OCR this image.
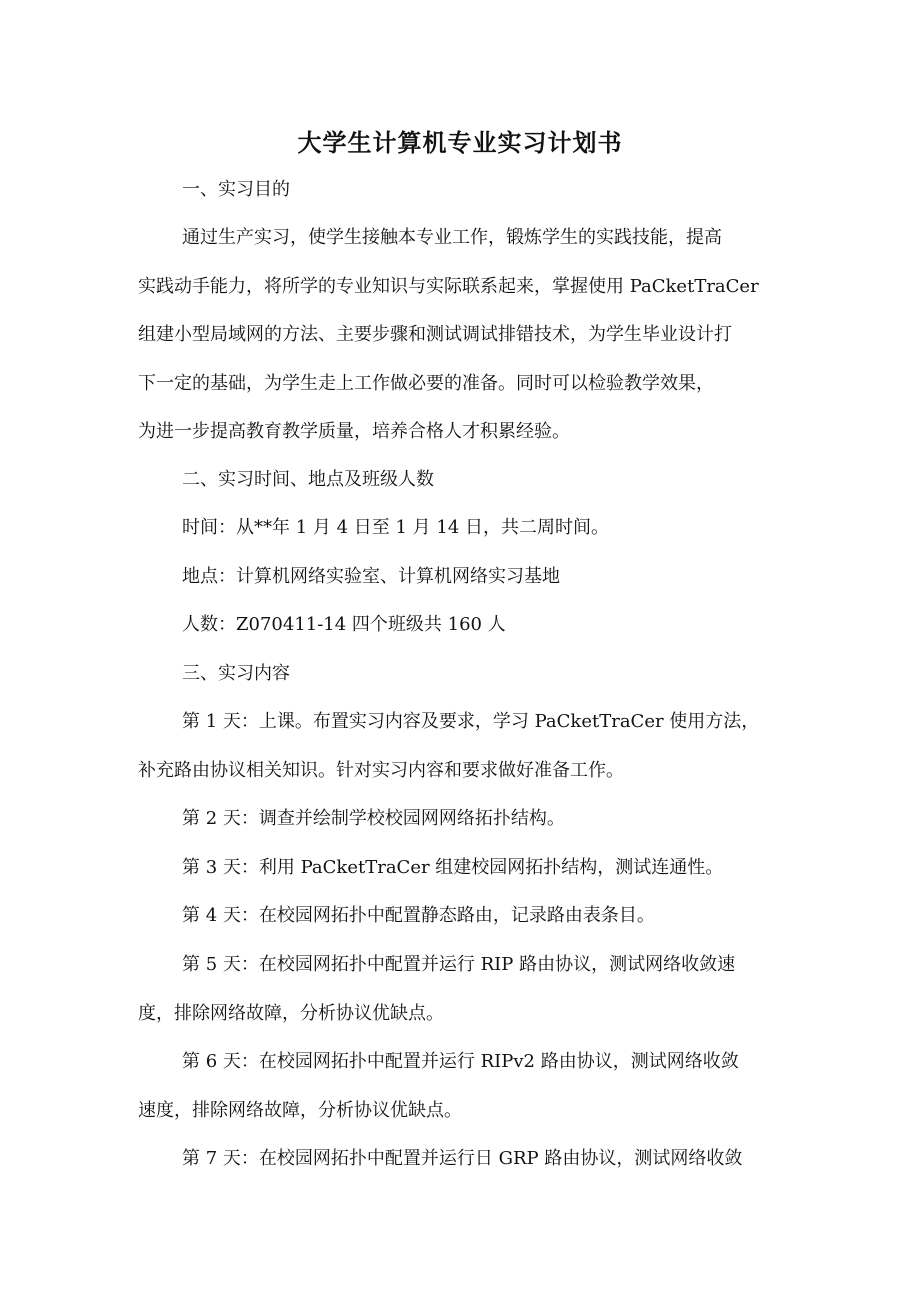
大学生计算机专业实习计划书
一、实习目的
通过生产实习，使学生接触本专业工作，锻炼学生的实践技能，提高
实践动手能力，将所学的专业知识与实际联系起来，掌握使用 PaCketTraCer
组建小型局域网的方法、主要步骤和测试调试排错技术，为学生毕业设计打
下一定的基础，为学生走上工作做必要的准备。同时可以检验教学效果，
为进一步提高教育教学质量，培养合格人才积累经验。
二、实习时间、地点及班级人数
时间：从**年 1 月 4 日至 1 月 14 日，共二周时间。
地点：计算机网络实验室、计算机网络实习基地
人数：Z070411-14 四个班级共 160 人
三、实习内容
第 1 天：上课。布置实习内容及要求，学习 PaCketTraCer 使用方法，
补充路由协议相关知识。针对实习内容和要求做好准备工作。
第 2 天：调查并绘制学校校园网网络拓扑结构。
第 3 天：利用 PaCketTraCer 组建校园网拓扑结构，测试连通性。
第 4 天：在校园网拓扑中配置静态路由，记录路由表条目。
第 5 天：在校园网拓扑中配置并运行 RIP 路由协议，测试网络收敛速
度，排除网络故障，分析协议优缺点。
第 6 天：在校园网拓扑中配置并运行 RIPv2 路由协议，测试网络收敛
速度，排除网络故障，分析协议优缺点。
第 7 天：在校园网拓扑中配置并运行日 GRP 路由协议，测试网络收敛
